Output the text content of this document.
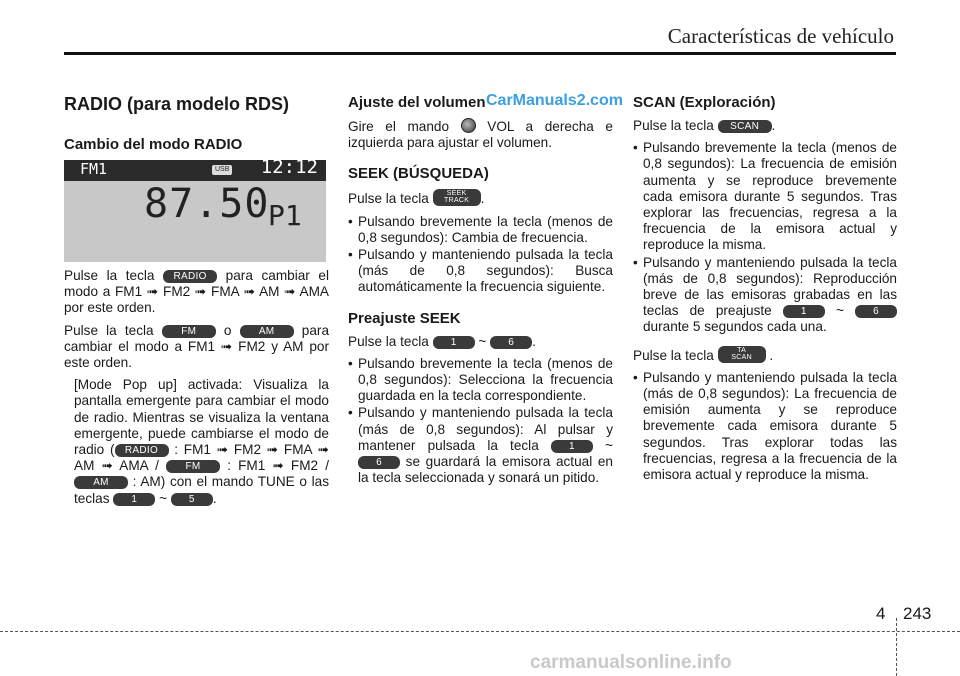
Características de vehículo
RADIO (para modelo RDS)
Cambio del modo RADIO
FM1	USB 12:12
87.50
P1

Pulse la tecla RADIO para cambiar el modo a FM1 ➟ FM2 ➟ FMA ➟ AM ➟ AMA por este orden.

Pulse la tecla	FM o	AM para cambiar el modo a FM1 ➟ FM2 y AM por este orden.

[Mode Pop up] activada: Visualiza la pantalla emergente para cambiar el modo de radio. Mientras se visualiza la ventana emergente, puede cambiarse el modo de radio ( RADIO : FM1 ➟ FM2 ➟ FMA ➟ AM ➟ AMA /	FM : FM1 ➟ FM2 / AM : AM) con el mando TUNE o las teclas 1 ~ 5 .

Ajuste del volumen

Gire el mando	VOL a derecha e izquierda para ajustar el volumen.

SEEK (BÚSQUEDA)

Pulse la tecla	SEEK
TRACK .

• Pulsando brevemente la tecla (menos de 0,8 segundos): Cambia de frecuencia.
• Pulsando y manteniendo pulsada la tecla (más de 0,8 segundos): Busca automáticamente la frecuencia siguiente.
Preajuste SEEK

Pulse la tecla 1 ~ 6 .

• Pulsando brevemente la tecla (menos de 0,8 segundos): Selecciona la frecuencia guardada en la tecla correspondiente.
• Pulsando y manteniendo pulsada la tecla (más de 0,8 segundos): Al pulsar y mantener pulsada la tecla	1 ~ 6 se guardará la emisora actual en la tecla seleccionada y sonará un pitido.
SCAN (Exploración)

Pulse la tecla SCAN .

• Pulsando brevemente la tecla (menos de 0,8 segundos): La frecuencia de emisión aumenta y se reproduce brevemente cada emisora durante 5 segundos. Tras explorar las frecuencias, regresa a la frecuencia de la emisora actual y reproduce la misma.
• Pulsando y manteniendo pulsada la tecla (más de 0,8 segundos): Reproducción breve de las emisoras grabadas en las teclas de preajuste	1 ~	6 durante 5 segundos cada una.

Pulse la tecla	TA
SCAN .

• Pulsando y manteniendo pulsada la tecla (más de 0,8 segundos): La frecuencia de emisión aumenta y se reproduce brevemente cada emisora durante 5 segundos. Tras explorar todas las frecuencias, regresa a la frecuencia de la emisora actual y reproduce la misma.
CarManuals2.com
4 243
carmanualsonline.info
